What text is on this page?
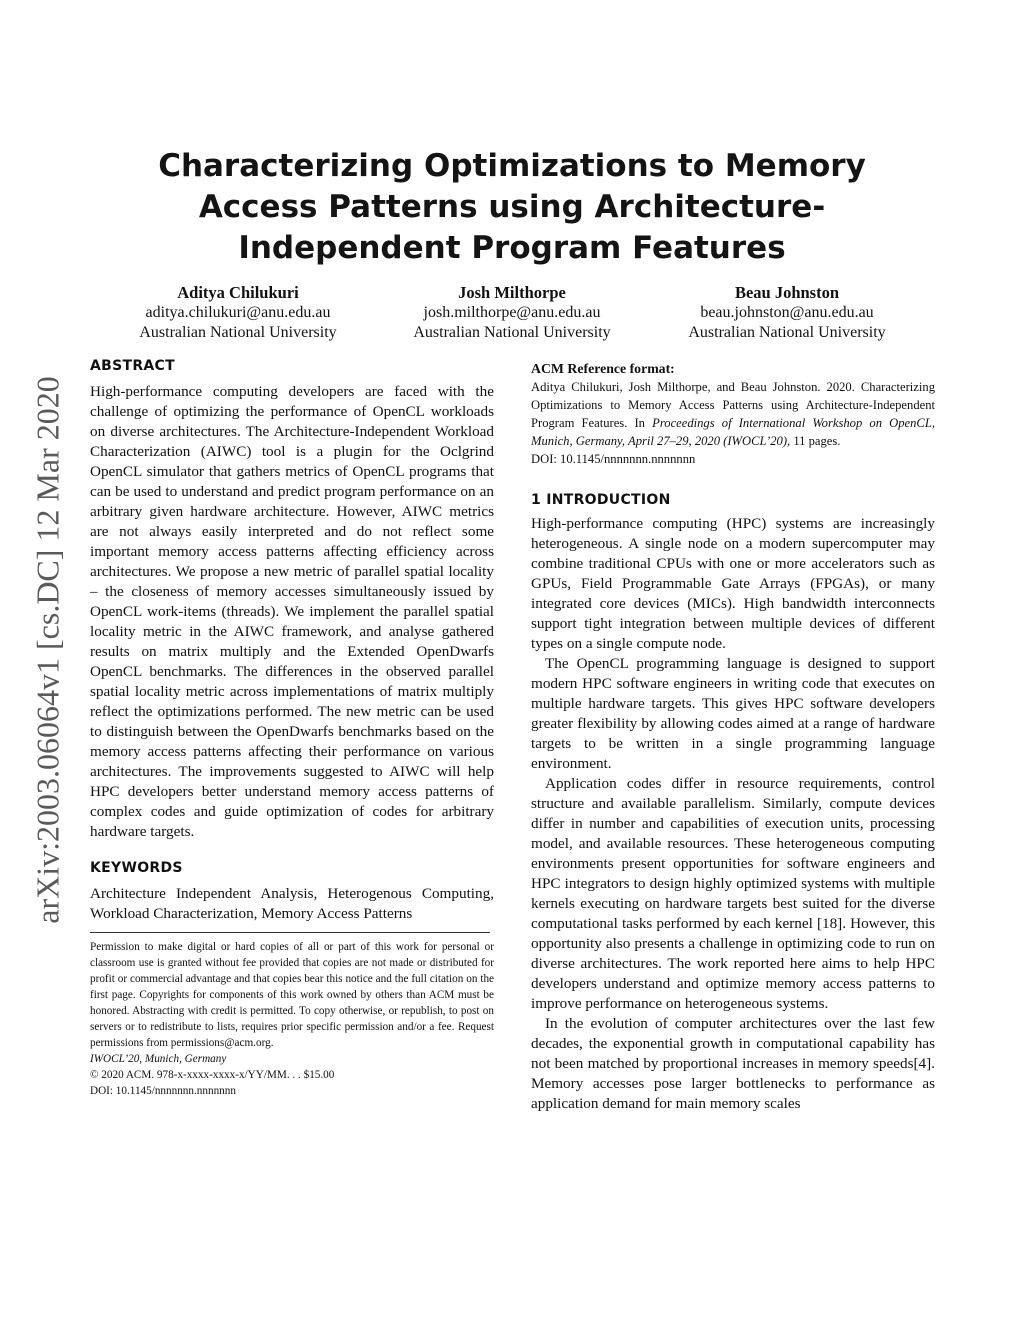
arXiv:2003.06064v1 [cs.DC] 12 Mar 2020
Characterizing Optimizations to Memory Access Patterns using Architecture-Independent Program Features
Aditya Chilukuri
aditya.chilukuri@anu.edu.au
Australian National University
Josh Milthorpe
josh.milthorpe@anu.edu.au
Australian National University
Beau Johnston
beau.johnston@anu.edu.au
Australian National University
ABSTRACT

High-performance computing developers are faced with the challenge of optimizing the performance of OpenCL workloads on diverse architectures. The Architecture-Independent Workload Characterization (AIWC) tool is a plugin for the Oclgrind OpenCL simulator that gathers metrics of OpenCL programs that can be used to understand and predict program performance on an arbitrary given hardware architecture. However, AIWC metrics are not always easily interpreted and do not reflect some important memory access patterns affecting efficiency across architectures. We propose a new metric of parallel spatial locality – the closeness of memory accesses simultaneously issued by OpenCL work-items (threads). We implement the parallel spatial locality metric in the AIWC framework, and analyse gathered results on matrix multiply and the Extended OpenDwarfs OpenCL benchmarks. The differences in the observed parallel spatial locality metric across implementations of matrix multiply reflect the optimizations performed. The new metric can be used to distinguish between the OpenDwarfs benchmarks based on the memory access patterns affecting their performance on various architectures. The improvements suggested to AIWC will help HPC developers better understand memory access patterns of complex codes and guide optimization of codes for arbitrary hardware targets.

KEYWORDS

Architecture Independent Analysis, Heterogenous Computing, Workload Characterization, Memory Access Patterns

Permission to make digital or hard copies of all or part of this work for personal or classroom use is granted without fee provided that copies are not made or distributed for profit or commercial advantage and that copies bear this notice and the full citation on the first page. Copyrights for components of this work owned by others than ACM must be honored. Abstracting with credit is permitted. To copy otherwise, or republish, to post on servers or to redistribute to lists, requires prior specific permission and/or a fee. Request permissions from permissions@acm.org.

IWOCL’20, Munich, Germany

© 2020 ACM. 978-x-xxxx-xxxx-x/YY/MM. . . $15.00

DOI: 10.1145/nnnnnnn.nnnnnnn

ACM Reference format:

Aditya Chilukuri, Josh Milthorpe, and Beau Johnston. 2020. Characterizing Optimizations to Memory Access Patterns using Architecture-Independent Program Features. In Proceedings of International Workshop on OpenCL, Munich, Germany, April 27–29, 2020 (IWOCL’20), 11 pages.

DOI: 10.1145/nnnnnnn.nnnnnnn

1 INTRODUCTION

High-performance computing (HPC) systems are increasingly heterogeneous. A single node on a modern supercomputer may combine traditional CPUs with one or more accelerators such as GPUs, Field Programmable Gate Arrays (FPGAs), or many integrated core devices (MICs). High bandwidth interconnects support tight integration between multiple devices of different types on a single compute node.

The OpenCL programming language is designed to support modern HPC software engineers in writing code that executes on multiple hardware targets. This gives HPC software developers greater flexibility by allowing codes aimed at a range of hardware targets to be written in a single programming language environment.

Application codes differ in resource requirements, control structure and available parallelism. Similarly, compute devices differ in number and capabilities of execution units, processing model, and available resources. These heterogeneous computing environments present opportunities for software engineers and HPC integrators to design highly optimized systems with multiple kernels executing on hardware targets best suited for the diverse computational tasks performed by each kernel [18]. However, this opportunity also presents a challenge in optimizing code to run on diverse architectures. The work reported here aims to help HPC developers understand and optimize memory access patterns to improve performance on heterogeneous systems.

In the evolution of computer architectures over the last few decades, the exponential growth in computational capability has not been matched by proportional increases in memory speeds[4]. Memory accesses pose larger bottlenecks to performance as application demand for main memory scales
